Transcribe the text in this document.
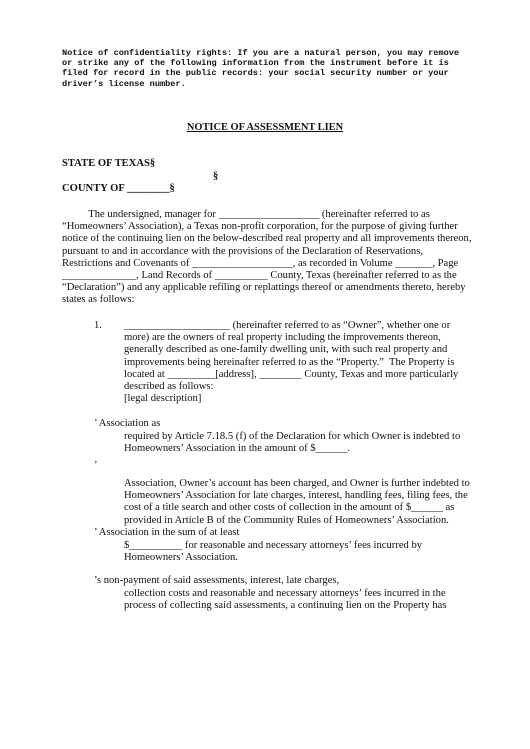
Notice of confidentiality rights: If you are a natural person, you may remove
or strike any of the following information from the instrument before it is
filed for record in the public records: your social security number or your
driver’s license number.
NOTICE OF ASSESSMENT LIEN
STATE OF TEXAS§
§
COUNTY OF ________§
The undersigned, manager for ___________________ (hereinafter referred to as
“Homeowners’ Association), a Texas non-profit corporation, for the purpose of giving further
notice of the continuing lien on the below-described real property and all improvements thereon,
pursuant to and in accordance with the provisions of the Declaration of Reservations,
Restrictions and Covenants of ___________________, as recorded in Volume _______, Page
______________, Land Records of __________ County, Texas (hereinafter referred to as the
“Declaration”) and any applicable refiling or replattings thereof or amendments thereto, hereby
states as follows:
1. ____________________ (hereinafter referred to as “Owner”, whether one or
more) are the owners of real property including the improvements thereon,
generally described as one-family dwelling unit, with such real property and
improvements being hereinafter referred to as the “Property.”  The Property is
located at _________[address], ________ County, Texas and more particularly
described as follows:
[legal description]
’ Association as
required by Article 7.18.5 (f) of the Declaration for which Owner is indebted to
Homeowners’ Association in the amount of $______.
’
Association, Owner’s account has been charged, and Owner is further indebted to
Homeowners’ Association for late charges, interest, handling fees, filing fees, the
cost of a title search and other costs of collection in the amount of $______ as
provided in Article B of the Community Rules of Homeowners’ Association.
’ Association in the sum of at least
$__________ for reasonable and necessary attorneys’ fees incurred by
Homeowners’ Association.
’s non-payment of said assessments, interest, late charges,
collection costs and reasonable and necessary attorneys’ fees incurred in the
process of collecting said assessments, a continuing lien on the Property has
